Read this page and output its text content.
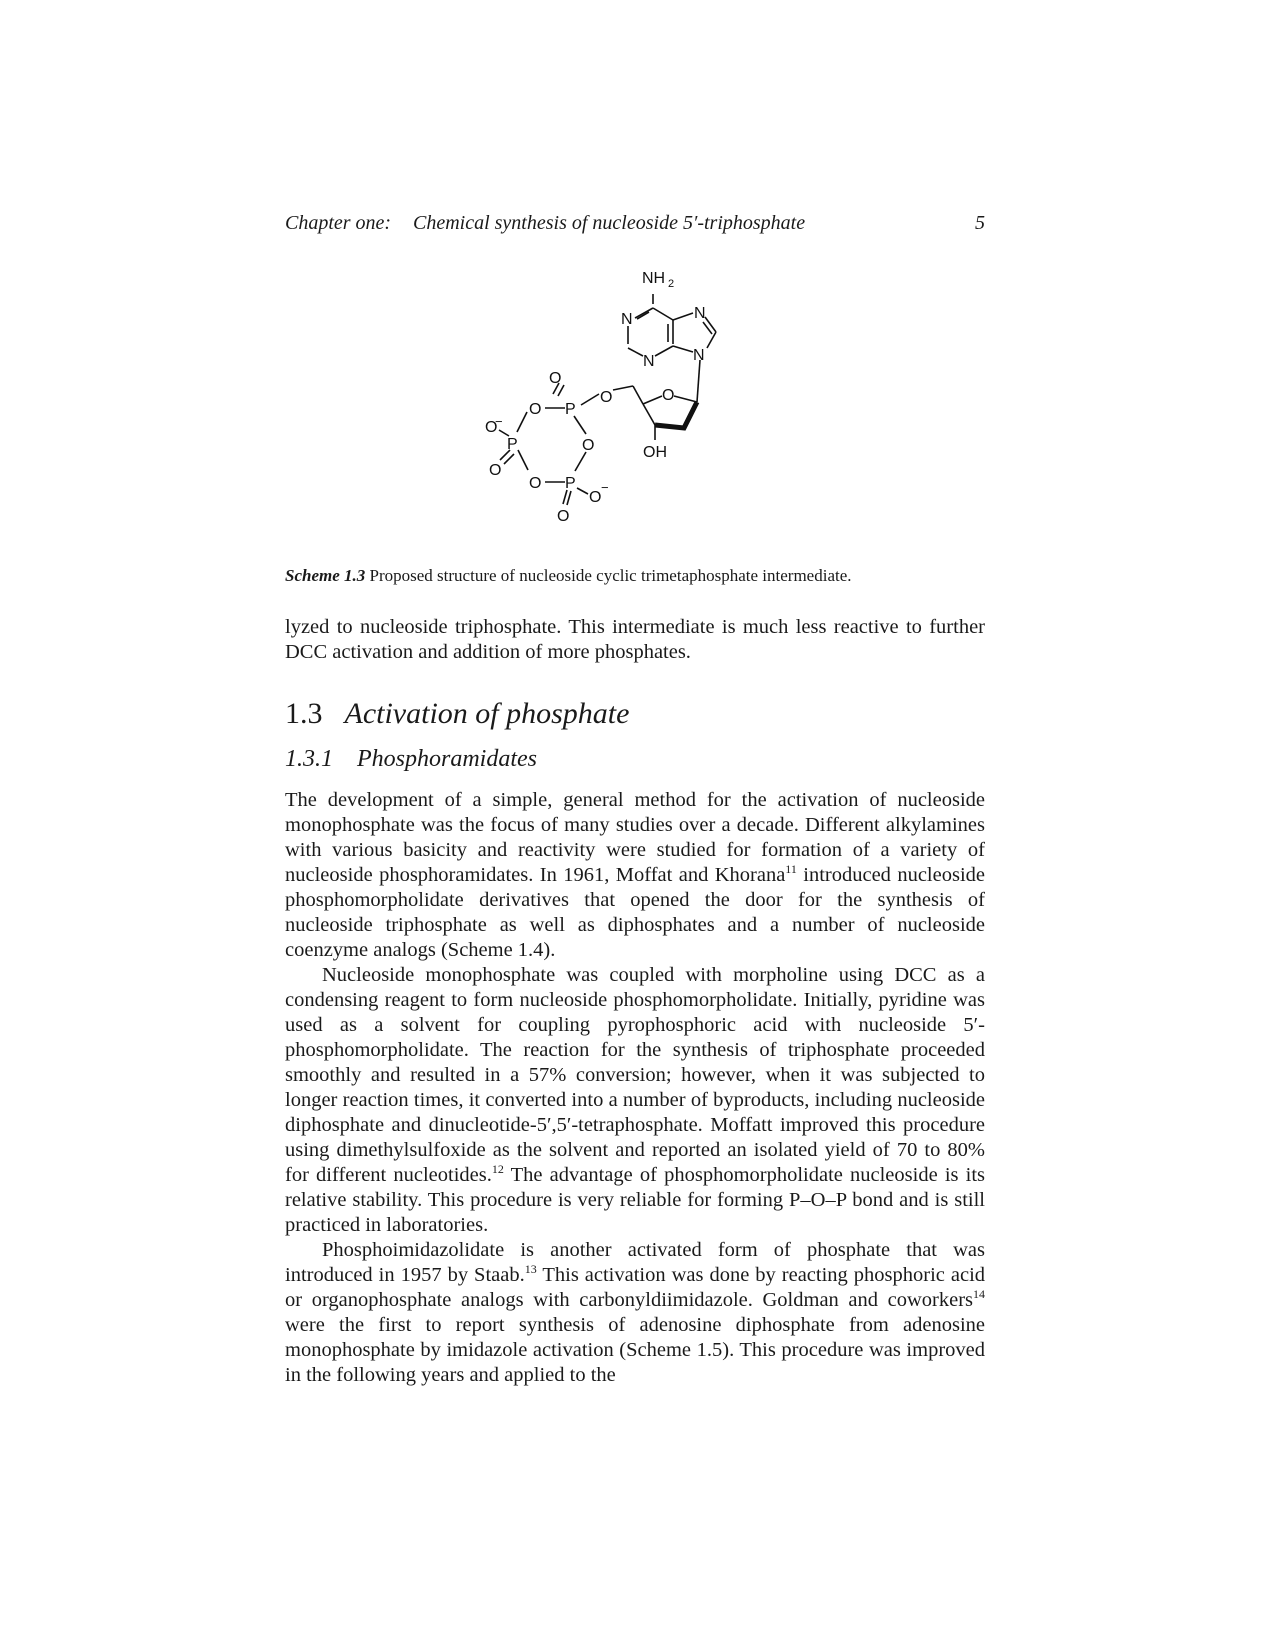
Chapter one: Chemical synthesis of nucleoside 5′-triphosphate	5
NH 2
N
N
N
N
O
OH
O
P
O
O
O
P
O
−
O
O P
O
−
O
Scheme 1.3 Proposed structure of nucleoside cyclic trimetaphosphate intermediate.

lyzed to nucleoside triphosphate. This intermediate is much less reactive to further DCC activation and addition of more phosphates.

1.3 Activation of phosphate
1.3.1 Phosphoramidates

The development of a simple, general method for the activation of nucleoside monophosphate was the focus of many studies over a decade. Different alkylamines with various basicity and reactivity were studied for formation of a variety of nucleoside phosphoramidates. In 1961, Moffat and Khorana$^{11}$ introduced nucleoside phosphomorpholidate derivatives that opened the door for the synthesis of nucleoside triphosphate as well as diphosphates and a number of nucleoside coenzyme analogs (Scheme 1.4).

Nucleoside monophosphate was coupled with morpholine using DCC as a condensing reagent to form nucleoside phosphomorpholidate. Initially, pyridine was used as a solvent for coupling pyrophosphoric acid with nucleoside 5′-phosphomorpholidate. The reaction for the synthesis of triphosphate proceeded smoothly and resulted in a 57% conversion; however, when it was subjected to longer reaction times, it converted into a number of byproducts, including nucleoside diphosphate and dinucleotide-5′,5′-tetraphosphate. Moffatt improved this procedure using dimethylsulfoxide as the solvent and reported an isolated yield of 70 to 80% for different nucleotides.$^{12}$ The advantage of phosphomorpholidate nucleoside is its relative stability. This procedure is very reliable for forming P–O–P bond and is still practiced in laboratories.

Phosphoimidazolidate is another activated form of phosphate that was introduced in 1957 by Staab.$^{13}$ This activation was done by reacting phosphoric acid or organophosphate analogs with carbonyldiimidazole. Goldman and coworkers$^{14}$ were the first to report synthesis of adenosine diphosphate from adenosine monophosphate by imidazole activation (Scheme 1.5). This procedure was improved in the following years and applied to the
